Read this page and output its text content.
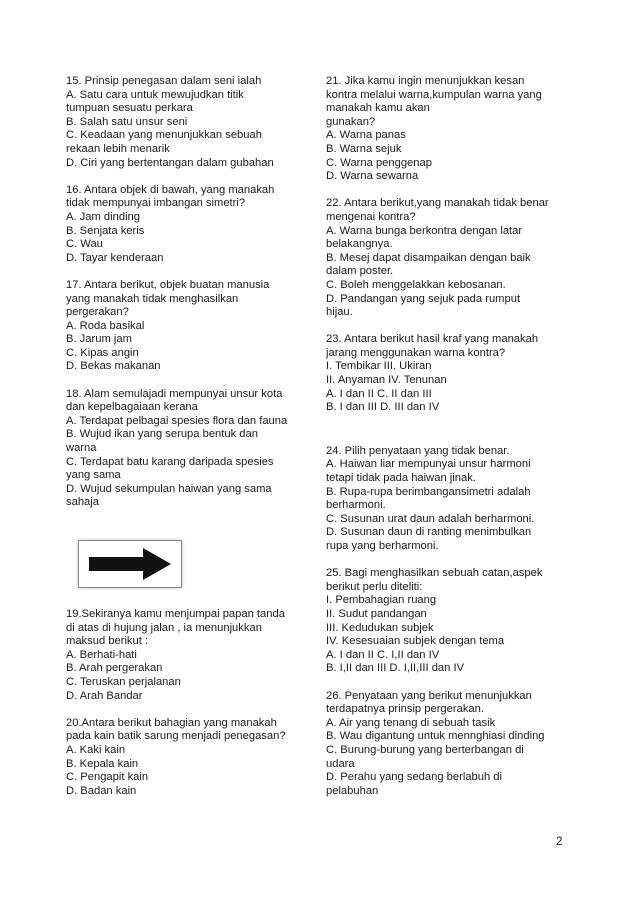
15. Prinsip penegasan dalam seni ialah
A. Satu cara untuk mewujudkan titik
tumpuan sesuatu perkara
B. Salah satu unsur seni
C. Keadaan yang menunjukkan sebuah
rekaan lebih menarik
D. Ciri yang bertentangan dalam gubahan
16. Antara objek di bawah, yang manakah
tidak mempunyai imbangan simetri?
A. Jam dinding
B. Senjata keris
C. Wau
D. Tayar kenderaan
17. Antara berikut, objek buatan manusia
yang manakah tidak menghasilkan
pergerakan?
A. Roda basikal
B. Jarum jam
C. Kipas angin
D. Bekas makanan
18. Alam semulajadi mempunyai unsur kota
dan kepelbagaiaan kerana
A. Terdapat pelbagai spesies flora dan fauna
B. Wujud ikan yang serupa bentuk dan
warna
C. Terdapat batu karang daripada spesies
yang sama
D. Wujud sekumpulan haiwan yang sama
sahaja
19.Sekiranya kamu menjumpai papan tanda
di atas di hujung jalan , ia menunjukkan
maksud berikut :
A. Berhati-hati
B. Arah pergerakan
C. Teruskan perjalanan
D. Arah Bandar
20.Antara berikut bahagian yang manakah
pada kain batik sarung menjadi penegasan?
A. Kaki kain
B. Kepala kain
C. Pengapit kain
D. Badan kain
21. Jika kamu ingin menunjukkan kesan
kontra melalui warna,kumpulan warna yang
manakah kamu akan
gunakan?
A. Warna panas
B. Warna sejuk
C. Warna penggenap
D. Warna sewarna
22. Antara berikut,yang manakah tidak benar
mengenai kontra?
A. Warna bunga berkontra dengan latar
belakangnya.
B. Mesej dapat disampaikan dengan baik
dalam poster.
C. Boleh menggelakkan kebosanan.
D. Pandangan yang sejuk pada rumput
hijau.
23. Antara berikut hasil kraf yang manakah
jarang menggunakan warna kontra?
I. Tembikar III. Ukiran
II. Anyaman IV. Tenunan
A. I dan II C. II dan III
B. I dan III D. III dan IV
24. Pilih penyataan yang tidak benar.
A. Haiwan liar mempunyai unsur harmoni
tetapi tidak pada haiwan jinak.
B. Rupa-rupa berimbangansimetri adalah
berharmoni.
C. Susunan urat daun adalah berharmoni.
D. Susunan daun di ranting menimbulkan
rupa yang berharmoni.
25. Bagi menghasilkan sebuah catan,aspek
berikut perlu diteliti:
I. Pembahagian ruang
II. Sudut pandangan
III. Kedudukan subjek
IV. Kesesuaian subjek dengan tema
A. I dan II C. I,II dan IV
B. I,II dan III D. I,II,III dan IV
26. Penyataan yang berikut menunjukkan
terdapatnya prinsip pergerakan.
A. Air yang tenang di sebuah tasik
B. Wau digantung untuk mennghiasi dinding
C. Burung-burung yang berterbangan di
udara
D. Perahu yang sedang berlabuh di
pelabuhan
2
